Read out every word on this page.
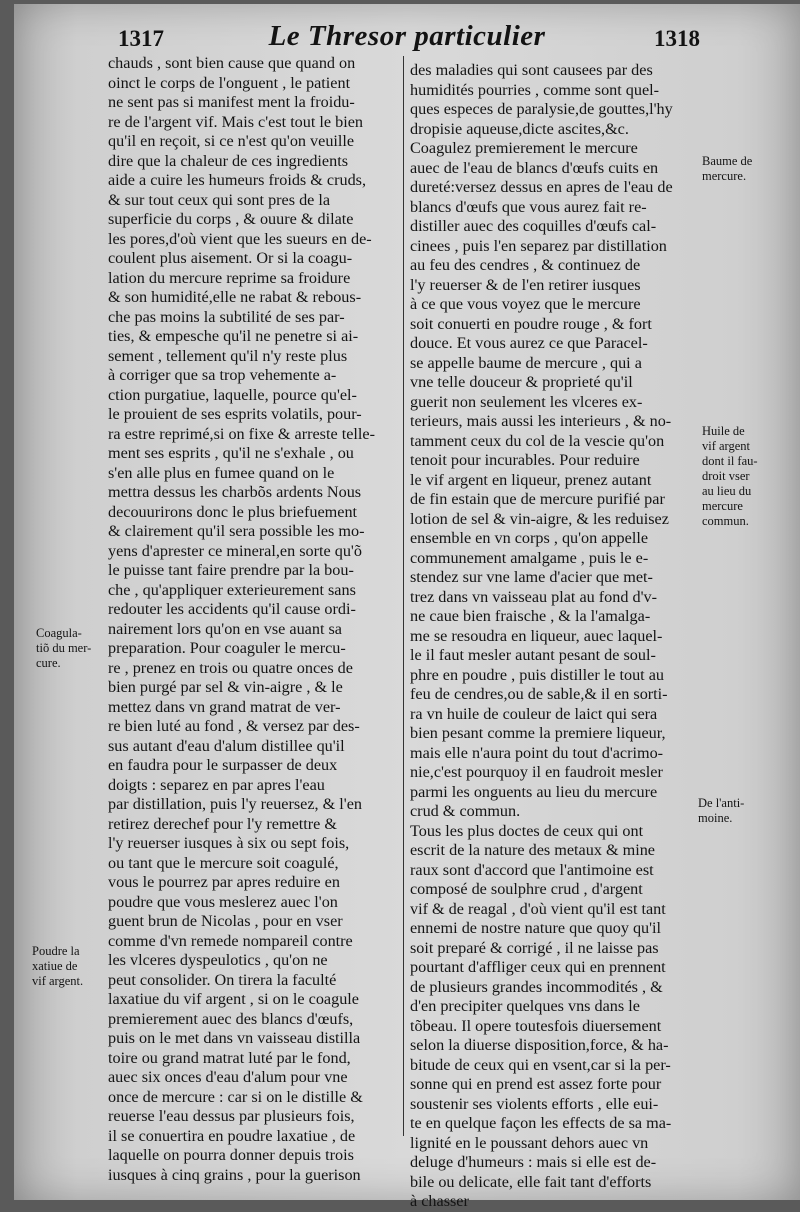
1317	Le Thresor particulier	1318
Coagula-
tiõ du mer-
cure.
Poudre la
xatiue de
vif argent.
Baume de
mercure.
Huile de
vif argent
dont il fau-
droit vser
au lieu du
mercure
commun.
De l'anti-
moine.
chauds , sont bien cause que quand on
oinct le corps de l'onguent , le patient
ne sent pas si manifest ment la froidu-
re de l'argent vif. Mais c'est tout le bien
qu'il en reçoit, si ce n'est qu'on veuille
dire que la chaleur de ces ingredients
aide a cuire les humeurs froids & cruds,
& sur tout ceux qui sont pres de la
superficie du corps , & ouure & dilate
les pores,d'où vient que les sueurs en de-
coulent plus aisement. Or si la coagu-
lation du mercure reprime sa froidure
& son humidité,elle ne rabat & rebous-
che pas moins la subtilité de ses par-
ties, & empesche qu'il ne penetre si ai-
sement , tellement qu'il n'y reste plus
à corriger que sa trop vehemente a-
ction purgatiue, laquelle, pource qu'el-
le prouient de ses esprits volatils, pour-
ra estre reprimé,si on fixe & arreste telle-
ment ses esprits , qu'il ne s'exhale , ou
s'en alle plus en fumee quand on le
mettra dessus les charbõs ardents Nous
decouurirons donc le plus briefuement
& clairement qu'il sera possible les mo-
yens d'aprester ce mineral,en sorte qu'õ
le puisse tant faire prendre par la bou-
che , qu'appliquer exterieurement sans
redouter les accidents qu'il cause ordi-
nairement lors qu'on en vse auant sa
preparation. Pour coaguler le mercu-
re , prenez en trois ou quatre onces de
bien purgé par sel & vin-aigre , & le
mettez dans vn grand matrat de ver-
re bien luté au fond , & versez par des-
sus autant d'eau d'alum distillee qu'il
en faudra pour le surpasser de deux
doigts : separez en par apres l'eau
par distillation, puis l'y reuersez, & l'en
retirez derechef pour l'y remettre &
l'y reuerser iusques à six ou sept fois,
ou tant que le mercure soit coagulé,
vous le pourrez par apres reduire en
poudre que vous meslerez auec l'on
guent brun de Nicolas , pour en vser
comme d'vn remede nompareil contre
les vlceres dyspeulotics , qu'on ne
peut consolider. On tirera la faculté
laxatiue du vif argent , si on le coagule
premierement auec des blancs d'œufs,
puis on le met dans vn vaisseau distilla
toire ou grand matrat luté par le fond,
auec six onces d'eau d'alum pour vne
once de mercure : car si on le distille &
reuerse l'eau dessus par plusieurs fois,
il se conuertira en poudre laxatiue , de
laquelle on pourra donner depuis trois
iusques à cinq grains , pour la guerison
des maladies qui sont causees par des
humidités pourries , comme sont quel-
ques especes de paralysie,de gouttes,l'hy
dropisie aqueuse,dicte ascites,&c.
Coagulez premierement le mercure
auec de l'eau de blancs d'œufs cuits en
dureté:versez dessus en apres de l'eau de
blancs d'œufs que vous aurez fait re-
distiller auec des coquilles d'œufs cal-
cinees , puis l'en separez par distillation
au feu des cendres , & continuez de
l'y reuerser & de l'en retirer iusques
à ce que vous voyez que le mercure
soit conuerti en poudre rouge , & fort
douce. Et vous aurez ce que Paracel-
se appelle baume de mercure , qui a
vne telle douceur & proprieté qu'il
guerit non seulement les vlceres ex-
terieurs, mais aussi les interieurs , & no-
tamment ceux du col de la vescie qu'on
tenoit pour incurables. Pour reduire
le vif argent en liqueur, prenez autant
de fin estain que de mercure purifié par
lotion de sel & vin-aigre, & les reduisez
ensemble en vn corps , qu'on appelle
communement amalgame , puis le e-
stendez sur vne lame d'acier que met-
trez dans vn vaisseau plat au fond d'v-
ne caue bien fraische , & la l'amalga-
me se resoudra en liqueur, auec laquel-
le il faut mesler autant pesant de soul-
phre en poudre , puis distiller le tout au
feu de cendres,ou de sable,& il en sorti-
ra vn huile de couleur de laict qui sera
bien pesant comme la premiere liqueur,
mais elle n'aura point du tout d'acrimo-
nie,c'est pourquoy il en faudroit mesler
parmi les onguents au lieu du mercure
crud & commun.
Tous les plus doctes de ceux qui ont
escrit de la nature des metaux & mine
raux sont d'accord que l'antimoine est
composé de soulphre crud , d'argent
vif & de reagal , d'où vient qu'il est tant
ennemi de nostre nature que quoy qu'il
soit preparé & corrigé , il ne laisse pas
pourtant d'affliger ceux qui en prennent
de plusieurs grandes incommodités , &
d'en precipiter quelques vns dans le
tõbeau. Il opere toutesfois diuersement
selon la diuerse disposition,force, & ha-
bitude de ceux qui en vsent,car si la per-
sonne qui en prend est assez forte pour
soustenir ses violents efforts , elle eui-
te en quelque façon les effects de sa ma-
lignité en le poussant dehors auec vn
deluge d'humeurs : mais si elle est de-
bile ou delicate, elle fait tant d'efforts
à chasser
